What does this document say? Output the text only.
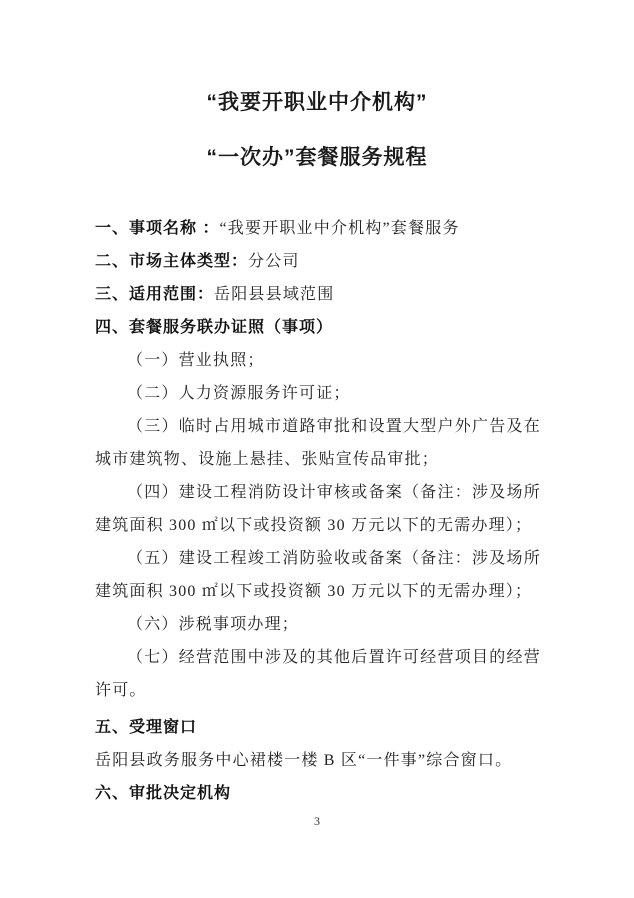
“我要开职业中介机构”

“一次办”套餐服务规程

一、事项名称 ：“我要开职业中介机构”套餐服务

二、市场主体类型：分公司

三、适用范围：岳阳县县域范围

四、套餐服务联办证照（事项）

（一）营业执照；

（二）人力资源服务许可证；

（三）临时占用城市道路审批和设置大型户外广告及在城市建筑物、设施上悬挂、张贴宣传品审批；

（四）建设工程消防设计审核或备案（备注：涉及场所建筑面积 300 ㎡以下或投资额 30 万元以下的无需办理）；

（五）建设工程竣工消防验收或备案（备注：涉及场所建筑面积 300 ㎡以下或投资额 30 万元以下的无需办理）；

（六）涉税事项办理；

（七）经营范围中涉及的其他后置许可经营项目的经营许可。

五、受理窗口

岳阳县政务服务中心裙楼一楼 B 区“一件事”综合窗口。

六、审批决定机构

3
